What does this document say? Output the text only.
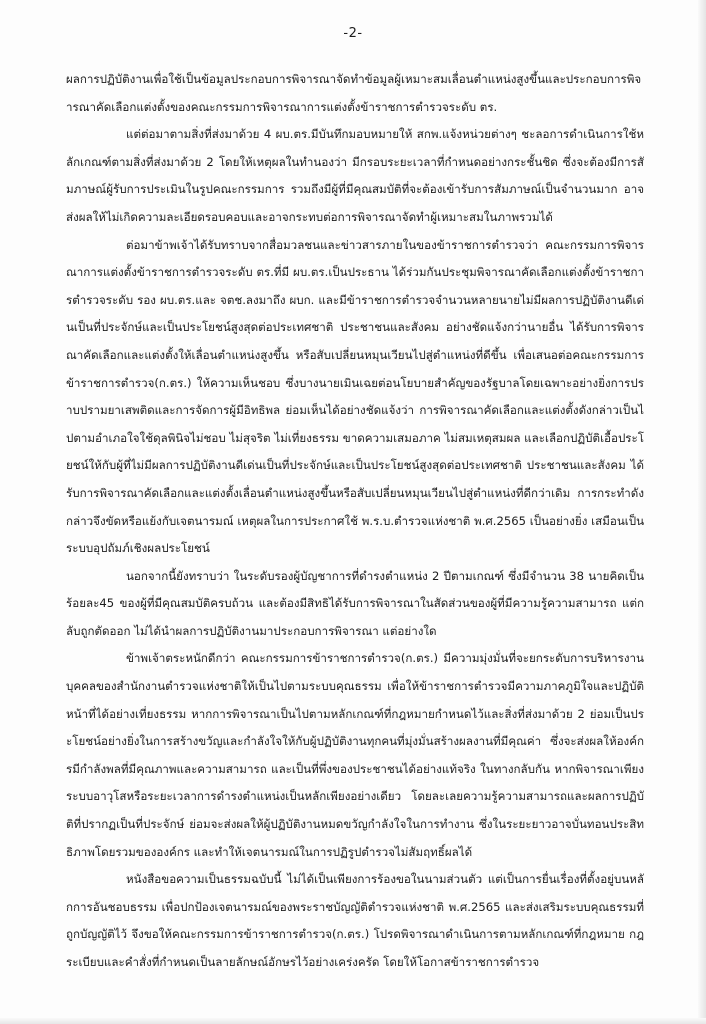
-2-

ผลการปฏิบัติงานเพื่อใช้เป็นข้อมูลประกอบการพิจารณาจัดทำข้อมูลผู้เหมาะสมเลื่อนตำแหน่งสูงขึ้นและประกอบการพิจารณาคัดเลือกแต่งตั้งของคณะกรรมการพิจารณาการแต่งตั้งข้าราชการตำรวจระดับ ตร.

แต่ต่อมาตามสิ่งที่ส่งมาด้วย 4 ผบ.ตร.มีบันทึกมอบหมายให้ สกพ.แจ้งหน่วยต่างๆ ชะลอการดำเนินการใช้หลักเกณฑ์ตามสิ่งที่ส่งมาด้วย 2 โดยให้เหตุผลในทำนองว่า มีกรอบระยะเวลาที่กำหนดอย่างกระชั้นชิด ซึ่งจะต้องมีการสัมภาษณ์ผู้รับการประเมินในรูปคณะกรรมการ รวมถึงมีผู้ที่มีคุณสมบัติที่จะต้องเข้ารับการสัมภาษณ์เป็นจำนวนมาก อาจส่งผลให้ไม่เกิดความละเอียดรอบคอบและอาจกระทบต่อการพิจารณาจัดทำผู้เหมาะสมในภาพรวมได้

ต่อมาข้าพเจ้าได้รับทราบจากสื่อมวลชนและข่าวสารภายในของข้าราชการตำรวจว่า คณะกรรมการพิจารณาการแต่งตั้งข้าราชการตำรวจระดับ ตร.ที่มี ผบ.ตร.เป็นประธาน ได้ร่วมกันประชุมพิจารณาคัดเลือกแต่งตั้งข้าราชการตำรวจระดับ รอง ผบ.ตร.และ จตช.ลงมาถึง ผบก. และมีข้าราชการตำรวจจำนวนหลายนายไม่มีผลการปฏิบัติงานดีเด่นเป็นที่ประจักษ์และเป็นประโยชน์สูงสุดต่อประเทศชาติ ประชาชนและสังคม อย่างชัดแจ้งกว่านายอื่น ได้รับการพิจารณาคัดเลือกและแต่งตั้งให้เลื่อนตำแหน่งสูงขึ้น หรือสับเปลี่ยนหมุนเวียนไปสู่ตำแหน่งที่ดีขึ้น เพื่อเสนอต่อคณะกรรมการข้าราชการตำรวจ(ก.ตร.) ให้ความเห็นชอบ ซึ่งบางนายเมินเฉยต่อนโยบายสำคัญของรัฐบาลโดยเฉพาะอย่างยิ่งการปราบปรามยาเสพติดและการจัดการผู้มีอิทธิพล ย่อมเห็นได้อย่างชัดแจ้งว่า การพิจารณาคัดเลือกและแต่งตั้งดังกล่าวเป็นไปตามอำเภอใจใช้ดุลพินิจไม่ชอบ ไม่สุจริต ไม่เที่ยงธรรม ขาดความเสมอภาค ไม่สมเหตุสมผล และเลือกปฏิบัติเอื้อประโยชน์ให้กับผู้ที่ไม่มีผลการปฏิบัติงานดีเด่นเป็นที่ประจักษ์และเป็นประโยชน์สูงสุดต่อประเทศชาติ ประชาชนและสังคม ได้รับการพิจารณาคัดเลือกและแต่งตั้งเลื่อนตำแหน่งสูงขึ้นหรือสับเปลี่ยนหมุนเวียนไปสู่ตำแหน่งที่ดีกว่าเดิม การกระทำดังกล่าวจึงขัดหรือแย้งกับเจตนารมณ์ เหตุผลในการประกาศใช้ พ.ร.บ.ตำรวจแห่งชาติ พ.ศ.2565 เป็นอย่างยิ่ง เสมือนเป็นระบบอุปถัมภ์เชิงผลประโยชน์

นอกจากนี้ยังทราบว่า ในระดับรองผู้บัญชาการที่ดำรงตำแหน่ง 2 ปีตามเกณฑ์ ซึ่งมีจำนวน 38 นายคิดเป็นร้อยละ45 ของผู้ที่มีคุณสมบัติครบถ้วน และต้องมีสิทธิได้รับการพิจารณาในสัดส่วนของผู้ที่มีความรู้ความสามารถ แต่กลับถูกตัดออก ไม่ได้นำผลการปฏิบัติงานมาประกอบการพิจารณา แต่อย่างใด

ข้าพเจ้าตระหนักดีกว่า คณะกรรมการข้าราชการตำรวจ(ก.ตร.) มีความมุ่งมั่นที่จะยกระดับการบริหารงานบุคคลของสำนักงานตำรวจแห่งชาติให้เป็นไปตามระบบคุณธรรม เพื่อให้ข้าราชการตำรวจมีความภาคภูมิใจและปฏิบัติหน้าที่ได้อย่างเที่ยงธรรม หากการพิจารณาเป็นไปตามหลักเกณฑ์ที่กฎหมายกำหนดไว้และสิ่งที่ส่งมาด้วย 2 ย่อมเป็นประโยชน์อย่างยิ่งในการสร้างขวัญและกำลังใจให้กับผู้ปฏิบัติงานทุกคนที่มุ่งมั่นสร้างผลงานที่มีคุณค่า ซึ่งจะส่งผลให้องค์กรมีกำลังพลที่มีคุณภาพและความสามารถ และเป็นที่พึ่งของประชาชนได้อย่างแท้จริง ในทางกลับกัน หากพิจารณาเพียงระบบอาวุโสหรือระยะเวลาการดำรงตำแหน่งเป็นหลักเพียงอย่างเดียว โดยละเลยความรู้ความสามารถและผลการปฏิบัติที่ปรากฏเป็นที่ประจักษ์ ย่อมจะส่งผลให้ผู้ปฏิบัติงานหมดขวัญกำลังใจในการทำงาน ซึ่งในระยะยาวอาจบั่นทอนประสิทธิภาพโดยรวมขององค์กร และทำให้เจตนารมณ์ในการปฏิรูปตำรวจไม่สัมฤทธิ์ผลได้

หนังสือขอความเป็นธรรมฉบับนี้ ไม่ได้เป็นเพียงการร้องขอในนามส่วนตัว แต่เป็นการยื่นเรื่องที่ตั้งอยู่บนหลักการอันชอบธรรม เพื่อปกป้องเจตนารมณ์ของพระราชบัญญัติตำรวจแห่งชาติ พ.ศ.2565 และส่งเสริมระบบคุณธรรมที่ถูกบัญญัติไว้ จึงขอให้คณะกรรมการข้าราชการตำรวจ(ก.ตร.) โปรดพิจารณาดำเนินการตามหลักเกณฑ์ที่กฎหมาย กฎ ระเบียบและคำสั่งที่กำหนดเป็นลายลักษณ์อักษรไว้อย่างเคร่งครัด โดยให้โอกาสข้าราชการตำรวจ
